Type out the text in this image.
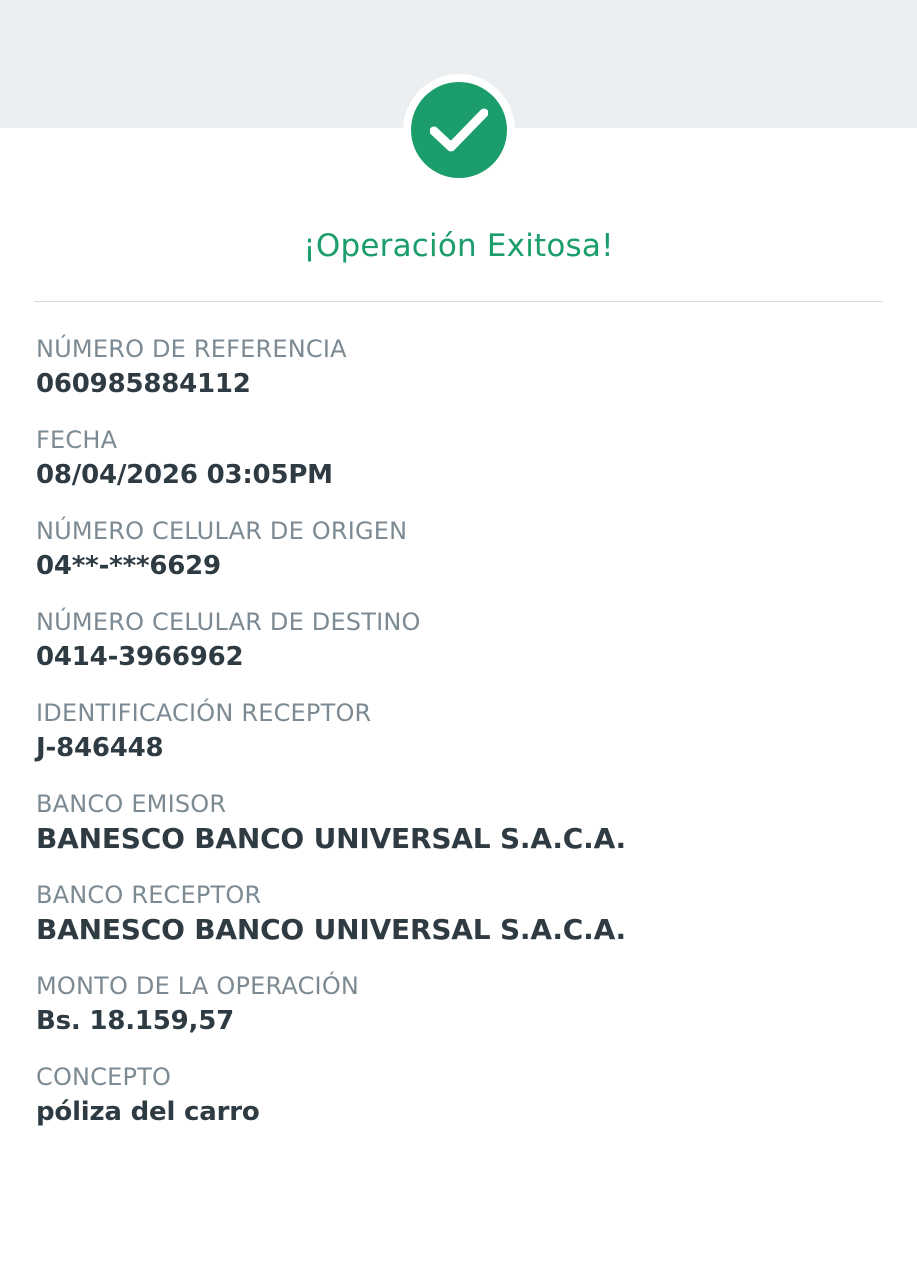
¡Operación Exitosa!
NÚMERO DE REFERENCIA
060985884112
FECHA
08/04/2026 03:05PM
NÚMERO CELULAR DE ORIGEN
04**-***6629
NÚMERO CELULAR DE DESTINO
0414-3966962
IDENTIFICACIÓN RECEPTOR
J-846448
BANCO EMISOR
BANESCO BANCO UNIVERSAL S.A.C.A.
BANCO RECEPTOR
BANESCO BANCO UNIVERSAL S.A.C.A.
MONTO DE LA OPERACIÓN
Bs. 18.159,57
CONCEPTO
póliza del carro
